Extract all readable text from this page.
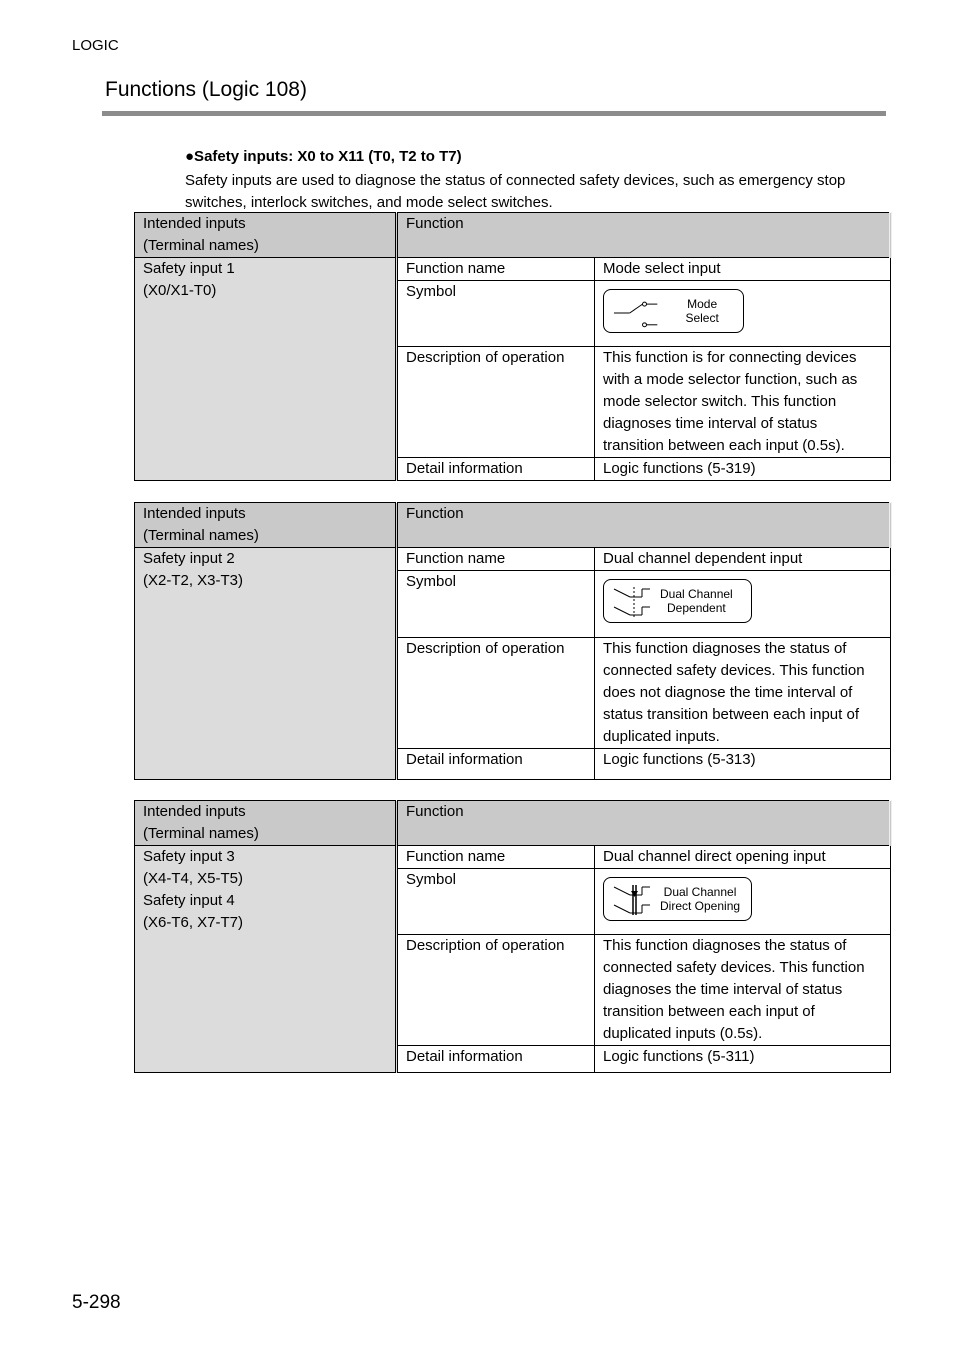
LOGIC
Functions (Logic 108)
●Safety inputs: X0 to X11 (T0, T2 to T7)
Safety inputs are used to diagnose the status of connected safety devices, such as emergency stop switches, interlock switches, and mode select switches.
Intended inputs
(Terminal names)	Function	

Safety input 1
(X0/X1-T0)	Function name	Mode select input
	Symbol	Mode Select

	Description of operation	This function is for connecting devices with a mode selector function, such as mode selector switch. This function diagnoses time interval of status transition between each input (0.5s).
	Detail information	Logic functions (5-319)
Intended inputs
(Terminal names)	Function	

Safety input 2
(X2-T2, X3-T3)	Function name	Dual channel dependent input
	Symbol	Dual Channel
Dependent

	Description of operation	This function diagnoses the status of connected safety devices. This function does not diagnose the time interval of status transition between each input of duplicated inputs.
	Detail information	Logic functions (5-313)
Intended inputs
(Terminal names)	Function	

Safety input 3
(X4-T4, X5-T5)
Safety input 4
(X6-T6, X7-T7)	Function name	Dual channel direct opening input
	Symbol	Dual Channel
Direct Opening

	Description of operation	This function diagnoses the status of connected safety devices. This function diagnoses the time interval of status transition between each input of duplicated inputs (0.5s).
	Detail information	Logic functions (5-311)
5-298
